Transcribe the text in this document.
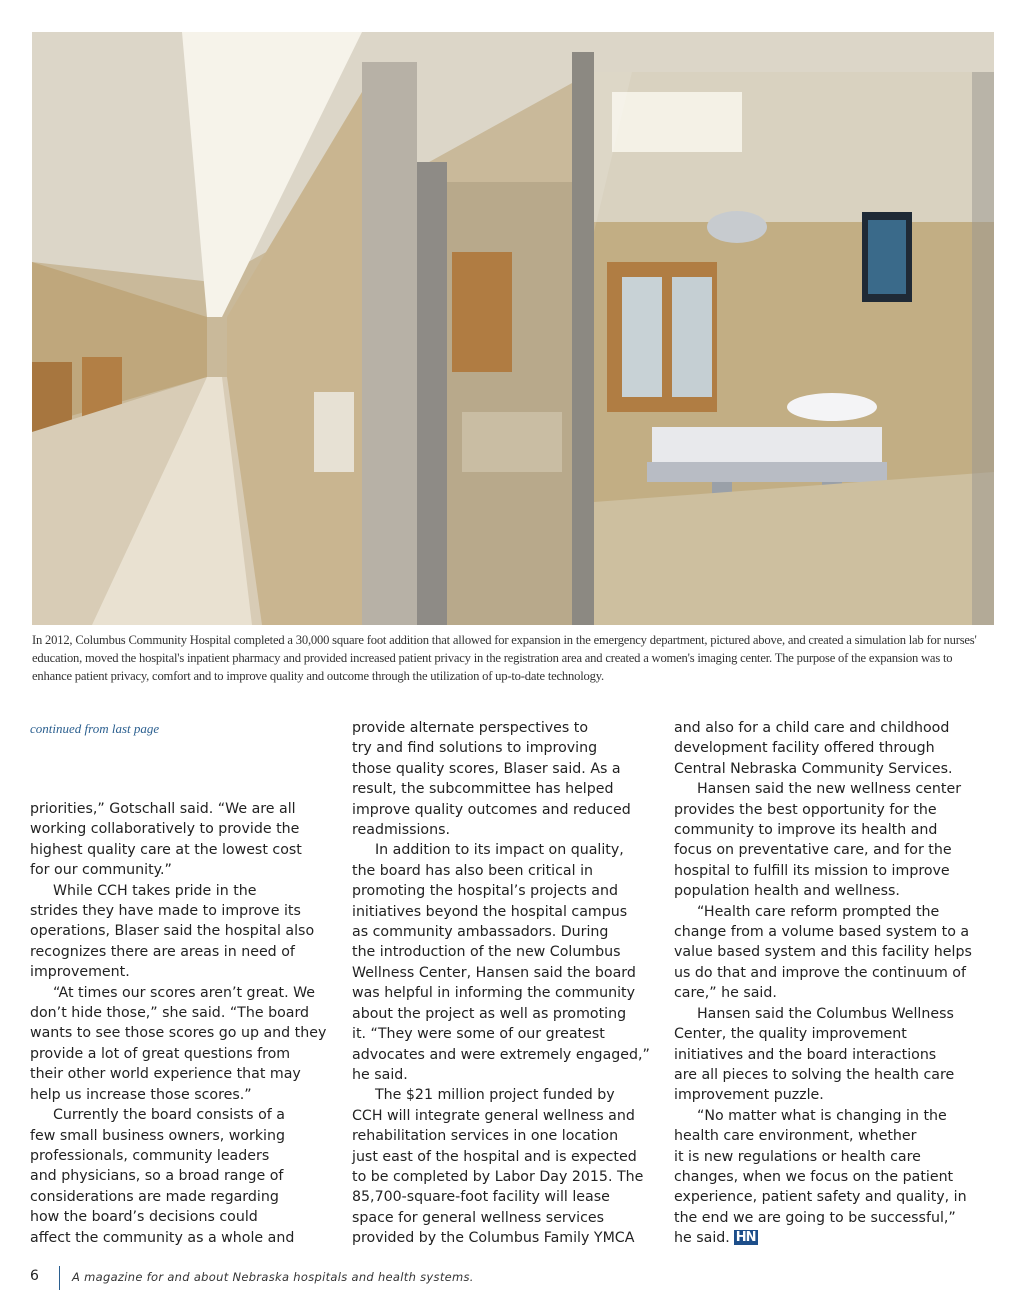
In 2012, Columbus Community Hospital completed a 30,000 square foot addition that allowed for expansion in the emergency department, pictured above, and created a simulation lab for nurses' education, moved the hospital's inpatient pharmacy and provided increased patient privacy in the registration area and created a women's imaging center. The purpose of the expansion was to enhance patient privacy, comfort and to improve quality and outcome through the utilization of up-to-date technology.
continued from last page
priorities,” Gotschall said. “We are all
working collaboratively to provide the
highest quality care at the lowest cost
for our community.”
While CCH takes pride in the
strides they have made to improve its
operations, Blaser said the hospital also
recognizes there are areas in need of
improvement.
“At times our scores aren’t great. We
don’t hide those,” she said. “The board
wants to see those scores go up and they
provide a lot of great questions from
their other world experience that may
help us increase those scores.”
Currently the board consists of a
few small business owners, working
professionals, community leaders
and physicians, so a broad range of
considerations are made regarding
how the board’s decisions could
affect the community as a whole and
provide alternate perspectives to
try and find solutions to improving
those quality scores, Blaser said. As a
result, the subcommittee has helped
improve quality outcomes and reduced
readmissions.
In addition to its impact on quality,
the board has also been critical in
promoting the hospital’s projects and
initiatives beyond the hospital campus
as community ambassadors. During
the introduction of the new Columbus
Wellness Center, Hansen said the board
was helpful in informing the community
about the project as well as promoting
it. “They were some of our greatest
advocates and were extremely engaged,”
he said.
The $21 million project funded by
CCH will integrate general wellness and
rehabilitation services in one location
just east of the hospital and is expected
to be completed by Labor Day 2015. The
85,700-square-foot facility will lease
space for general wellness services
provided by the Columbus Family YMCA
and also for a child care and childhood
development facility offered through
Central Nebraska Community Services.
Hansen said the new wellness center
provides the best opportunity for the
community to improve its health and
focus on preventative care, and for the
hospital to fulfill its mission to improve
population health and wellness.
“Health care reform prompted the
change from a volume based system to a
value based system and this facility helps
us do that and improve the continuum of
care,” he said.
Hansen said the Columbus Wellness
Center, the quality improvement
initiatives and the board interactions
are all pieces to solving the health care
improvement puzzle.
“No matter what is changing in the
health care environment, whether
it is new regulations or health care
changes, when we focus on the patient
experience, patient safety and quality, in
the end we are going to be successful,”
he said. HN
6	A magazine for and about Nebraska hospitals and health systems.
